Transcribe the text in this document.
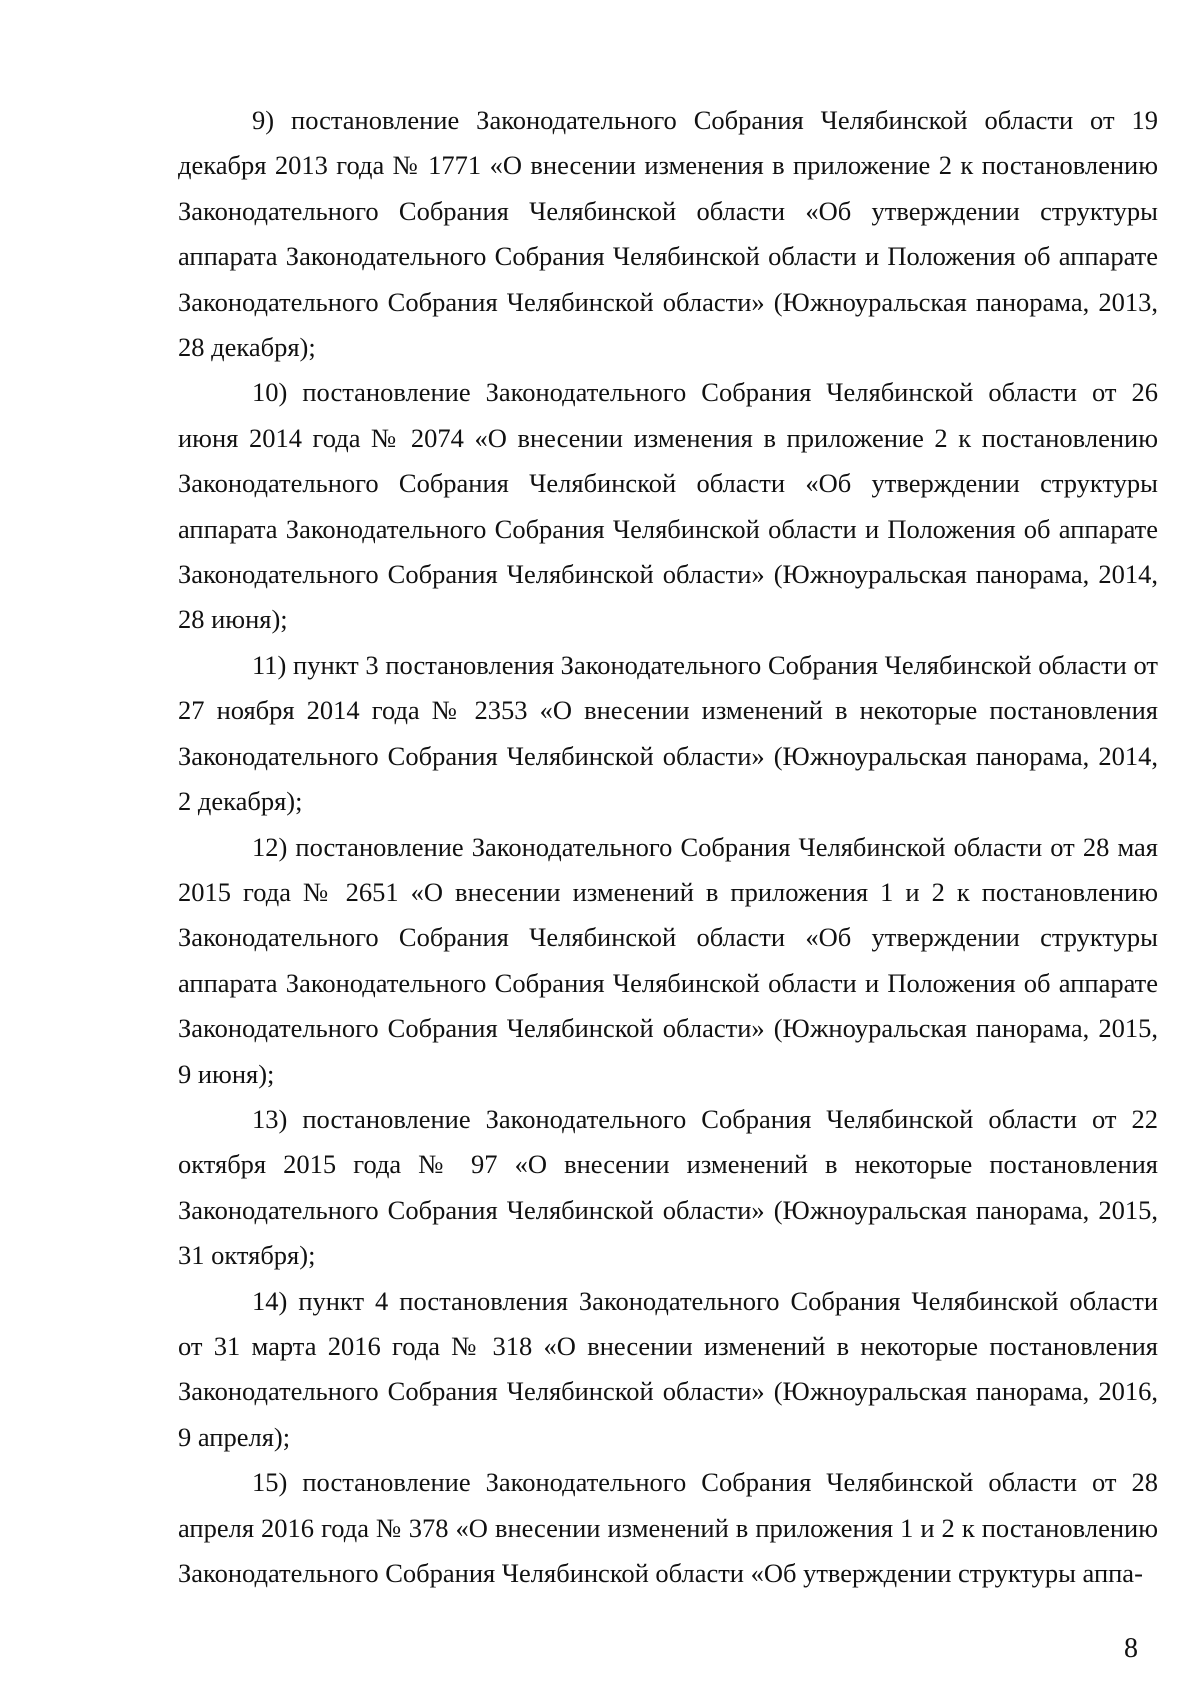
9) постановление Законодательного Собрания Челябинской области от 19 декабря 2013 года № 1771 «О внесении изменения в приложение 2 к постановлению Законодательного Собрания Челябинской области «Об утверждении структуры аппарата Законодательного Собрания Челябинской области и Положения об аппарате Законодательного Собрания Челябинской области» (Южноуральская панорама, 2013, 28 декабря);

10) постановление Законодательного Собрания Челябинской области от 26 июня 2014 года № 2074 «О внесении изменения в приложение 2 к постановлению Законодательного Собрания Челябинской области «Об утверждении структуры аппарата Законодательного Собрания Челябинской области и Положения об аппарате Законодательного Собрания Челябинской области» (Южноуральская панорама, 2014, 28 июня);

11) пункт 3 постановления Законодательного Собрания Челябинской области от 27 ноября 2014 года № 2353 «О внесении изменений в некоторые постановления Законодательного Собрания Челябинской области» (Южноуральская панорама, 2014, 2 декабря);

12) постановление Законодательного Собрания Челябинской области от 28 мая 2015 года № 2651 «О внесении изменений в приложения 1 и 2 к постановлению Законодательного Собрания Челябинской области «Об утверждении структуры аппарата Законодательного Собрания Челябинской области и Положения об аппарате Законодательного Собрания Челябинской области» (Южноуральская панорама, 2015, 9 июня);

13) постановление Законодательного Собрания Челябинской области от 22 октября 2015 года № 97 «О внесении изменений в некоторые постановления Законодательного Собрания Челябинской области» (Южноуральская панорама, 2015, 31 октября);

14) пункт 4 постановления Законодательного Собрания Челябинской области от 31 марта 2016 года № 318 «О внесении изменений в некоторые постановления Законодательного Собрания Челябинской области» (Южноуральская панорама, 2016, 9 апреля);

15) постановление Законодательного Собрания Челябинской области от 28 апреля 2016 года № 378 «О внесении изменений в приложения 1 и 2 к постановлению Законодательного Собрания Челябинской области «Об утверждении структуры аппа-

8
